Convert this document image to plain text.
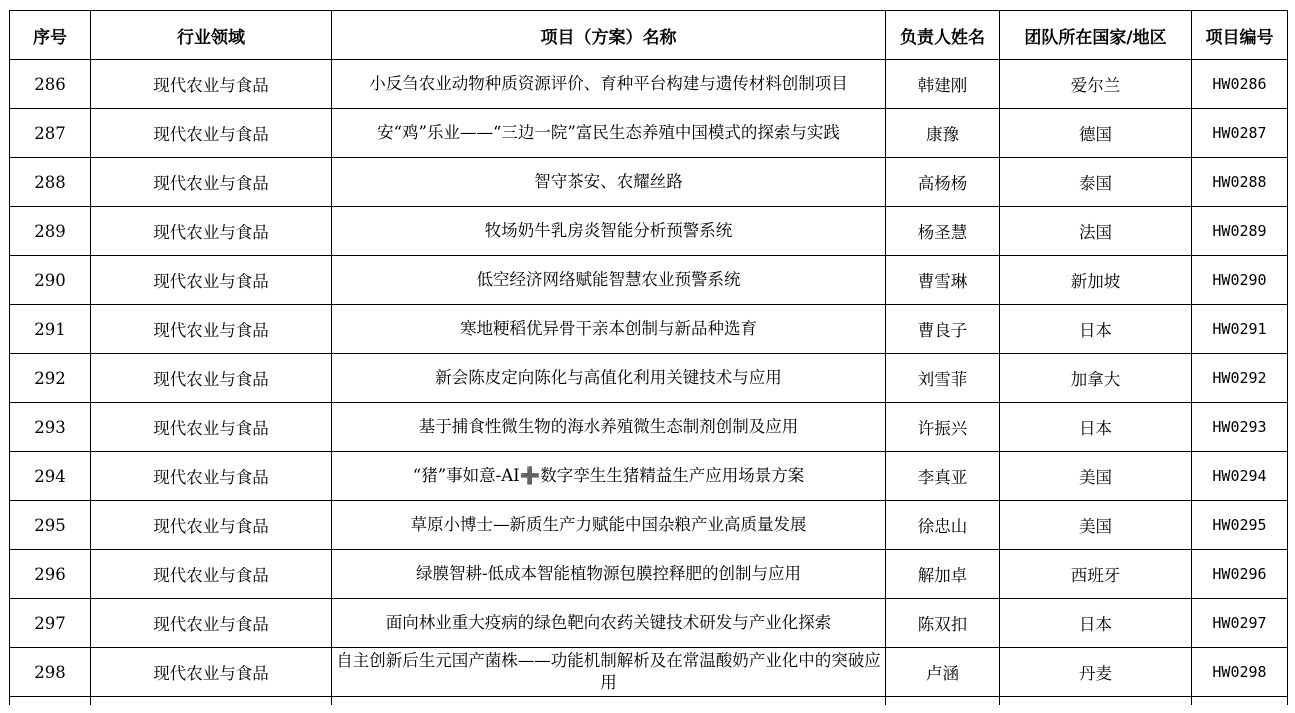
序号	行业领域	项目（方案）名称	负责人姓名	团队所在国家/地区	项目编号
286	现代农业与食品	小反刍农业动物种质资源评价、育种平台构建与遗传材料创制项目	韩建刚	爱尔兰	HW0286
287	现代农业与食品	安“鸡”乐业——“三边一院”富民生态养殖中国模式的探索与实践	康豫	德国	HW0287
288	现代农业与食品	智守茶安、农耀丝路	高杨杨	泰国	HW0288
289	现代农业与食品	牧场奶牛乳房炎智能分析预警系统	杨圣慧	法国	HW0289
290	现代农业与食品	低空经济网络赋能智慧农业预警系统	曹雪琳	新加坡	HW0290
291	现代农业与食品	寒地粳稻优异骨干亲本创制与新品种选育	曹良子	日本	HW0291
292	现代农业与食品	新会陈皮定向陈化与高值化利用关键技术与应用	刘雪菲	加拿大	HW0292
293	现代农业与食品	基于捕食性微生物的海水养殖微生态制剂创制及应用	许振兴	日本	HW0293
294	现代农业与食品	“猪”事如意-AI➕数字孪生生猪精益生产应用场景方案	李真亚	美国	HW0294
295	现代农业与食品	草原小博士—新质生产力赋能中国杂粮产业高质量发展	徐忠山	美国	HW0295
296	现代农业与食品	绿膜智耕-低成本智能植物源包膜控释肥的创制与应用	解加卓	西班牙	HW0296
297	现代农业与食品	面向林业重大疫病的绿色靶向农药关键技术研发与产业化探索	陈双扣	日本	HW0297
298	现代农业与食品	自主创新后生元国产菌株——功能机制解析及在常温酸奶产业化中的突破应用	卢涵	丹麦	HW0298
